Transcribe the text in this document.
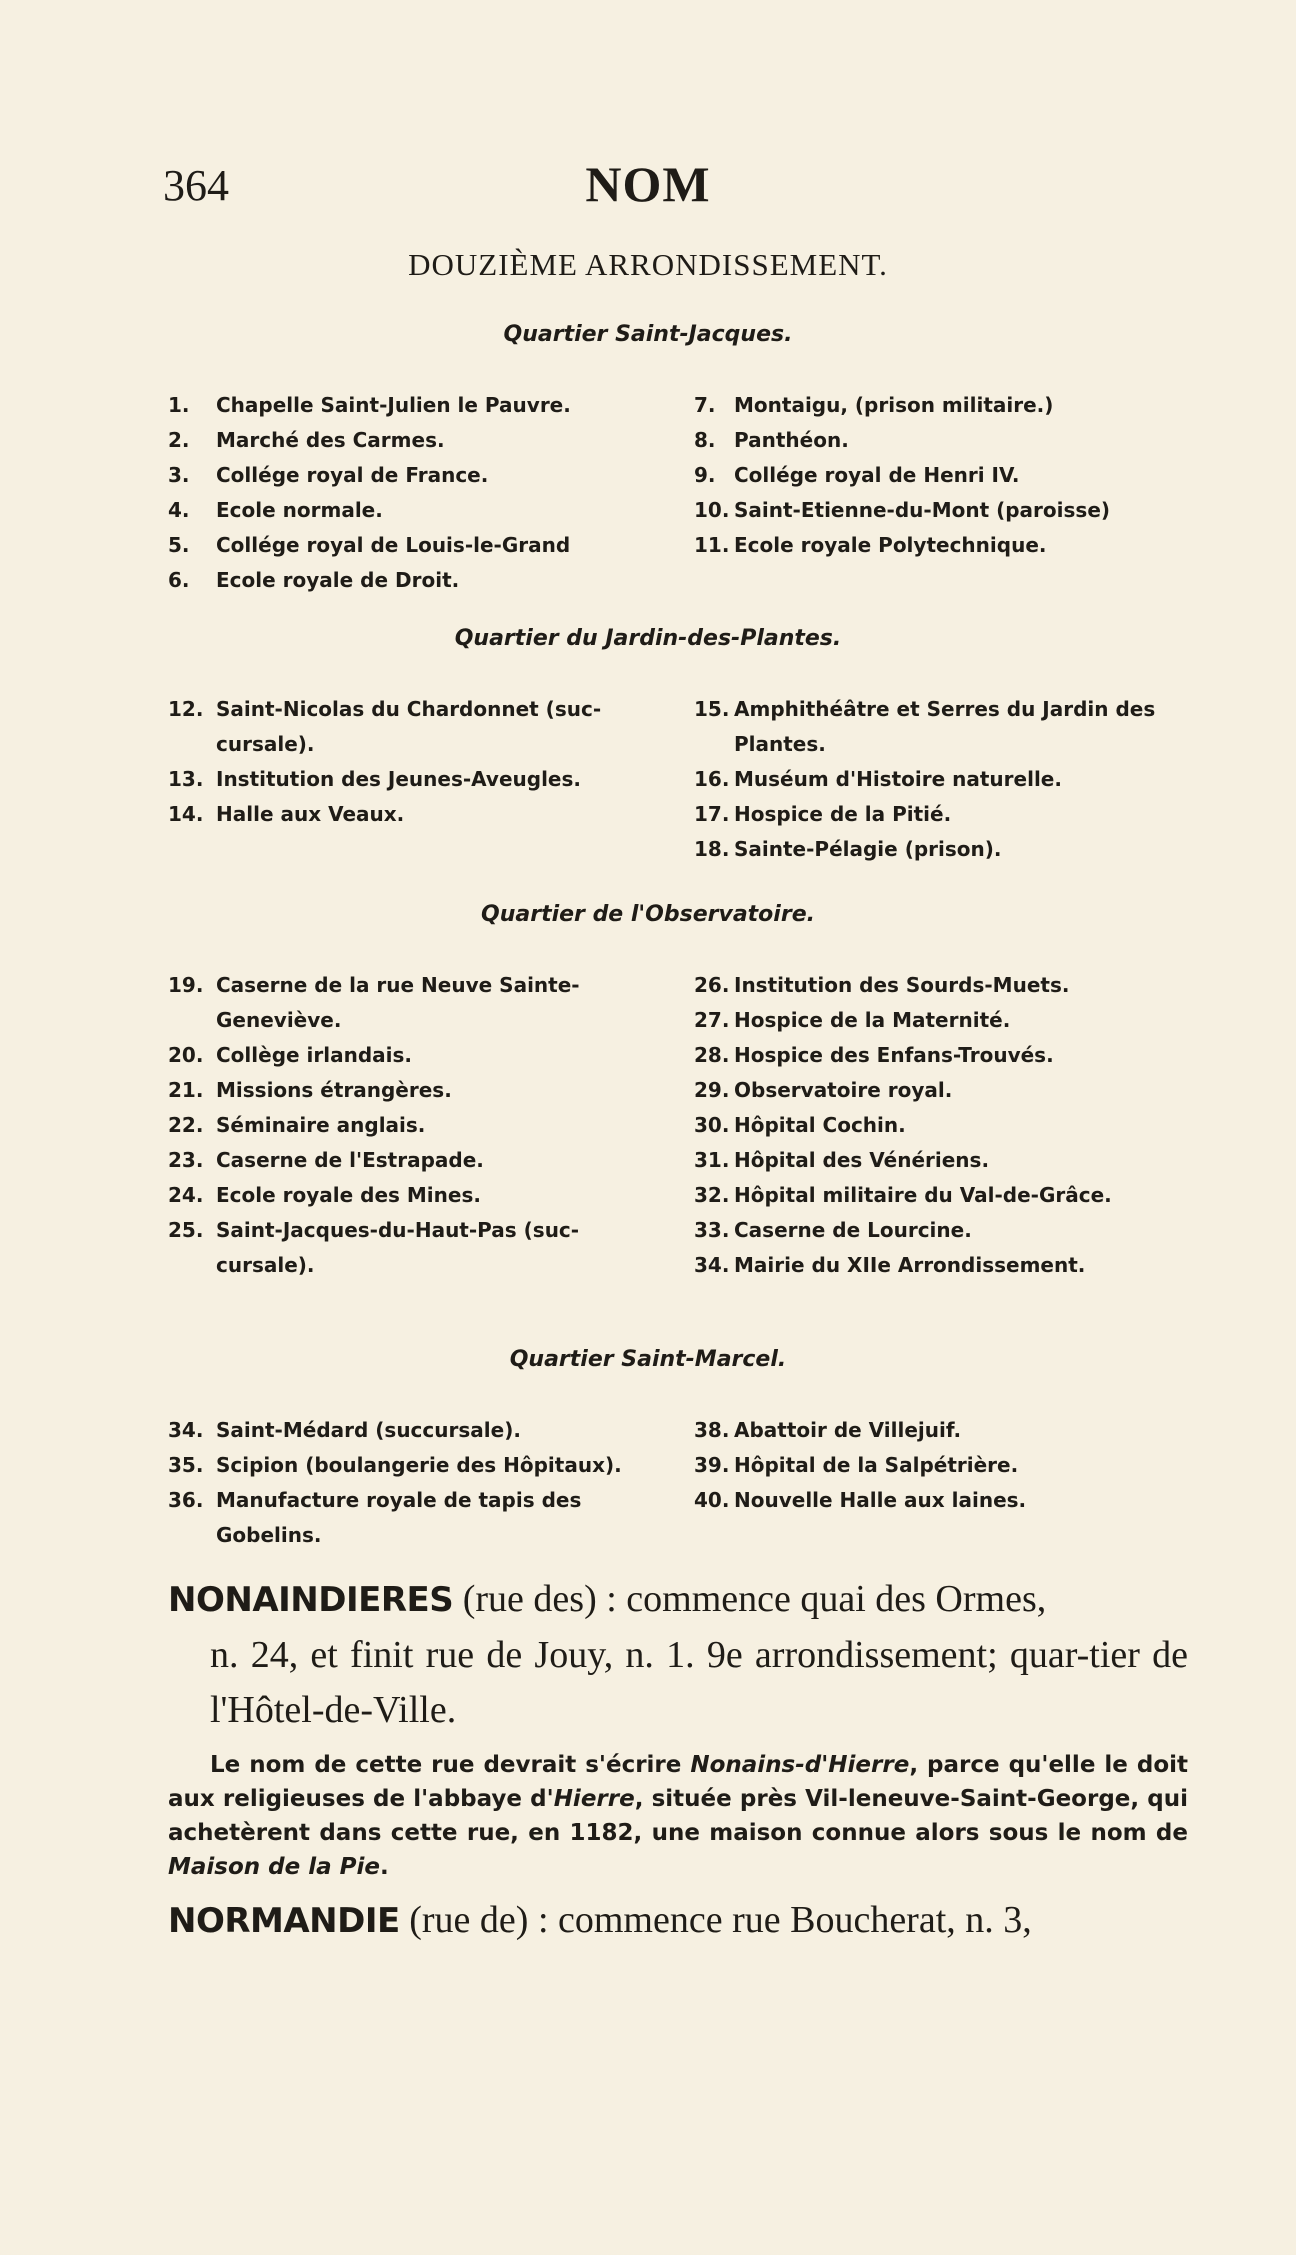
364	NOM
DOUZIÈME ARRONDISSEMENT.
Quartier Saint-Jacques.
1.	Chapelle Saint-Julien le Pauvre.
2.	Marché des Carmes.
3.	Collége royal de France.
4.	Ecole normale.
5.	Collége royal de Louis-le-Grand
6.	Ecole royale de Droit.
7. Montaigu, (prison militaire.)
8. Panthéon.
9. Collége royal de Henri IV.
10. Saint-Etienne-du-Mont (paroisse)
11. Ecole royale Polytechnique.
Quartier du Jardin-des-Plantes.
12. Saint-Nicolas du Chardonnet (suc-cursale).
13. Institution des Jeunes-Aveugles.
14. Halle aux Veaux.
15. Amphithéâtre et Serres du Jardin des Plantes.
16. Muséum d'Histoire naturelle.
17. Hospice de la Pitié.
18. Sainte-Pélagie (prison).
Quartier de l'Observatoire.
19. Caserne de la rue Neuve Sainte-Geneviève.
20. Collège irlandais.
21. Missions étrangères.
22. Séminaire anglais.
23. Caserne de l'Estrapade.
24. Ecole royale des Mines.
25. Saint-Jacques-du-Haut-Pas (suc-cursale).
26. Institution des Sourds-Muets.
27. Hospice de la Maternité.
28. Hospice des Enfans-Trouvés.
29. Observatoire royal.
30. Hôpital Cochin.
31. Hôpital des Vénériens.
32. Hôpital militaire du Val-de-Grâce.
33. Caserne de Lourcine.
34. Mairie du XIIe Arrondissement.
Quartier Saint-Marcel.
34. Saint-Médard (succursale).
35. Scipion (boulangerie des Hôpitaux).
36. Manufacture royale de tapis des Gobelins.
38. Abattoir de Villejuif.
39. Hôpital de la Salpétrière.
40. Nouvelle Halle aux laines.
NONAINDIERES (rue des) : commence quai des Ormes,
n. 24, et finit rue de Jouy, n. 1. 9e arrondissement; quar-tier de l'Hôtel-de-Ville.
Le nom de cette rue devrait s'écrire Nonains-d'Hierre, parce qu'elle le doit aux religieuses de l'abbaye d'Hierre, située près Vil-leneuve-Saint-George, qui achetèrent dans cette rue, en 1182, une maison connue alors sous le nom de Maison de la Pie.
NORMANDIE (rue de) : commence rue Boucherat, n. 3,
